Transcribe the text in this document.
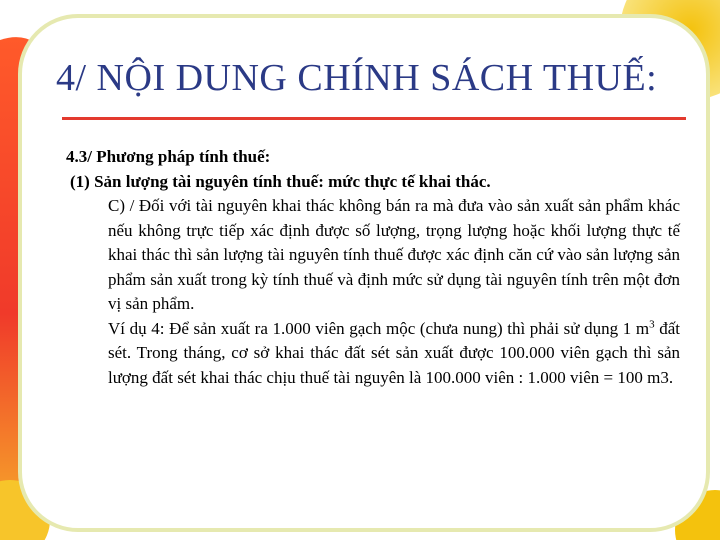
4/ NỘI DUNG CHÍNH SÁCH THUẾ:

4.3/ Phương pháp tính thuế:

(1) Sản lượng tài nguyên tính thuế: mức thực tế khai thác.

C) / Đối với tài nguyên khai thác không bán ra mà đưa vào sản xuất sản phẩm khác nếu không trực tiếp xác định được số lượng, trọng lượng hoặc khối lượng thực tế khai thác thì sản lượng tài nguyên tính thuế được xác định căn cứ vào sản lượng sản phẩm sản xuất trong kỳ tính thuế và định mức sử dụng tài nguyên tính trên một đơn vị sản phẩm.

Ví dụ 4: Để sản xuất ra 1.000 viên gạch mộc (chưa nung) thì phải sử dụng 1 $m^3$ đất sét. Trong tháng, cơ sở khai thác đất sét sản xuất được 100.000 viên gạch thì sản lượng đất sét khai thác chịu thuế tài nguyên là 100.000 viên : 1.000 viên = 100 m3.
